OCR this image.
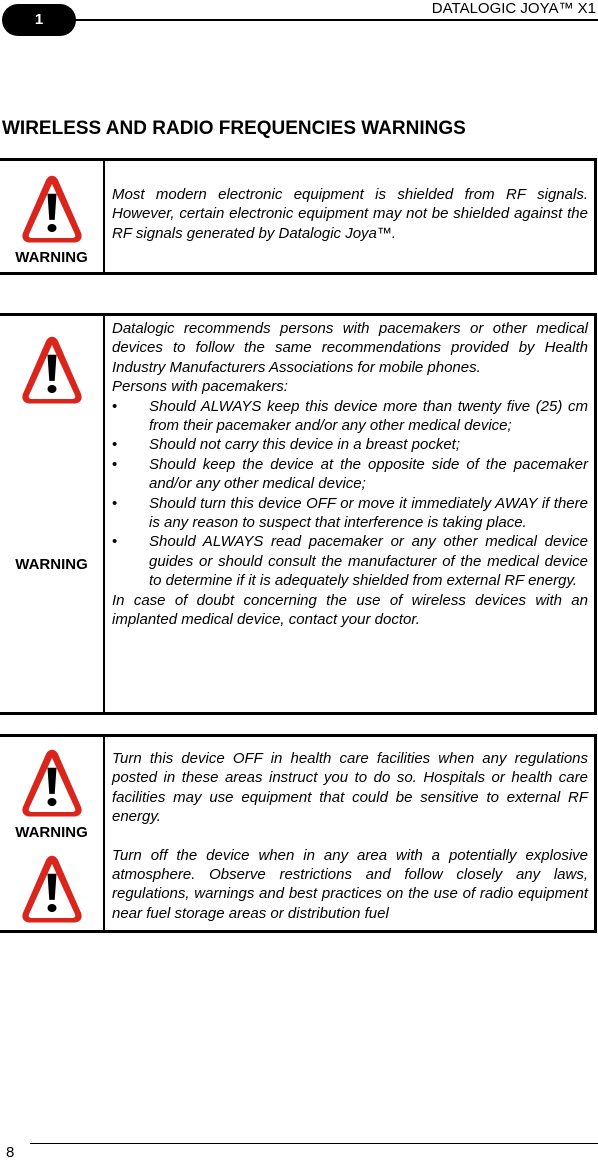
1
DATALOGIC JOYA™ X1
WIRELESS AND RADIO FREQUENCIES WARNINGS
WARNING

Most modern electronic equipment is shielded from RF signals. However, certain electronic equipment may not be shielded against the RF signals generated by Datalogic Joya™.

WARNING

Datalogic recommends persons with pacemakers or other medical devices to follow the same recommendations provided by Health Industry Manufacturers Associations for mobile phones.

Persons with pacemakers:

• Should ALWAYS keep this device more than twenty five (25) cm from their pacemaker and/or any other medical device;
• Should not carry this device in a breast pocket;
• Should keep the device at the opposite side of the pacemaker and/or any other medical device;
• Should turn this device OFF or move it immediately AWAY if there is any reason to suspect that interference is taking place.
• Should ALWAYS read pacemaker or any other medical device guides or should consult the manufacturer of the medical device to determine if it is adequately shielded from external RF energy.

In case of doubt concerning the use of wireless devices with an implanted medical device, contact your doctor.

WARNING

Turn this device OFF in health care facilities when any regulations posted in these areas instruct you to do so. Hospitals or health care facilities may use equipment that could be sensitive to external RF energy.

Turn off the device when in any area with a potentially explosive atmosphere. Observe restrictions and follow closely any laws, regulations, warnings and best practices on the use of radio equipment near fuel storage areas or distribution fuel

8
